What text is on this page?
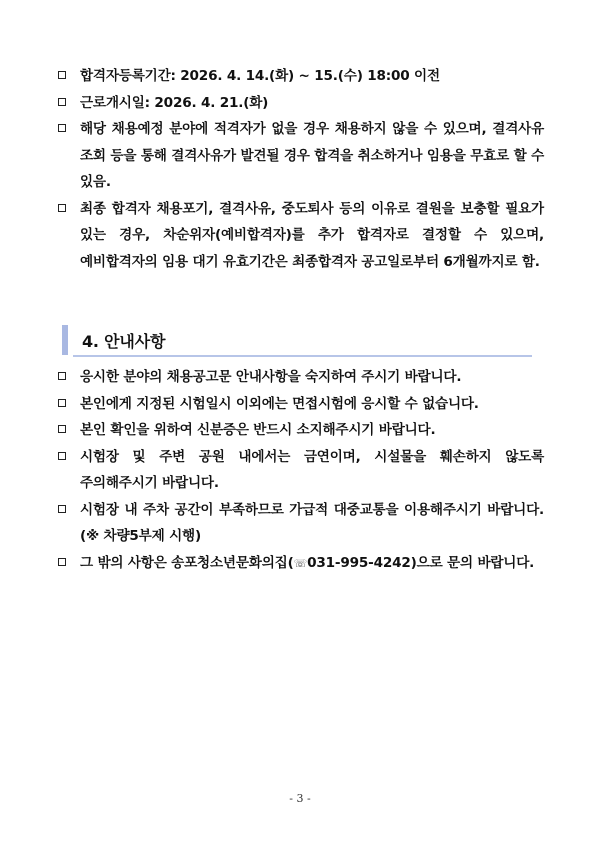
합격자등록기간: 2026. 4. 14.(화) ~ 15.(수) 18:00 이전
근로개시일: 2026. 4. 21.(화)
해당 채용예정 분야에 적격자가 없을 경우 채용하지 않을 수 있으며, 결격사유 조회 등을 통해 결격사유가 발견될 경우 합격을 취소하거나 임용을 무효로 할 수 있음.
최종 합격자 채용포기, 결격사유, 중도퇴사 등의 이유로 결원을 보충할 필요가 있는 경우, 차순위자(예비합격자)를 추가 합격자로 결정할 수 있으며, 예비합격자의 임용 대기 유효기간은 최종합격자 공고일로부터 6개월까지로 함.
4. 안내사항
응시한 분야의 채용공고문 안내사항을 숙지하여 주시기 바랍니다.
본인에게 지정된 시험일시 이외에는 면접시험에 응시할 수 없습니다.
본인 확인을 위하여 신분증은 반드시 소지해주시기 바랍니다.
시험장 및 주변 공원 내에서는 금연이며, 시설물을 훼손하지 않도록 주의해주시기 바랍니다.
시험장 내 주차 공간이 부족하므로 가급적 대중교통을 이용해주시기 바랍니다. (※ 차량5부제 시행)
그 밖의 사항은 송포청소년문화의집(☏031-995-4242)으로 문의 바랍니다.
- 3 -
